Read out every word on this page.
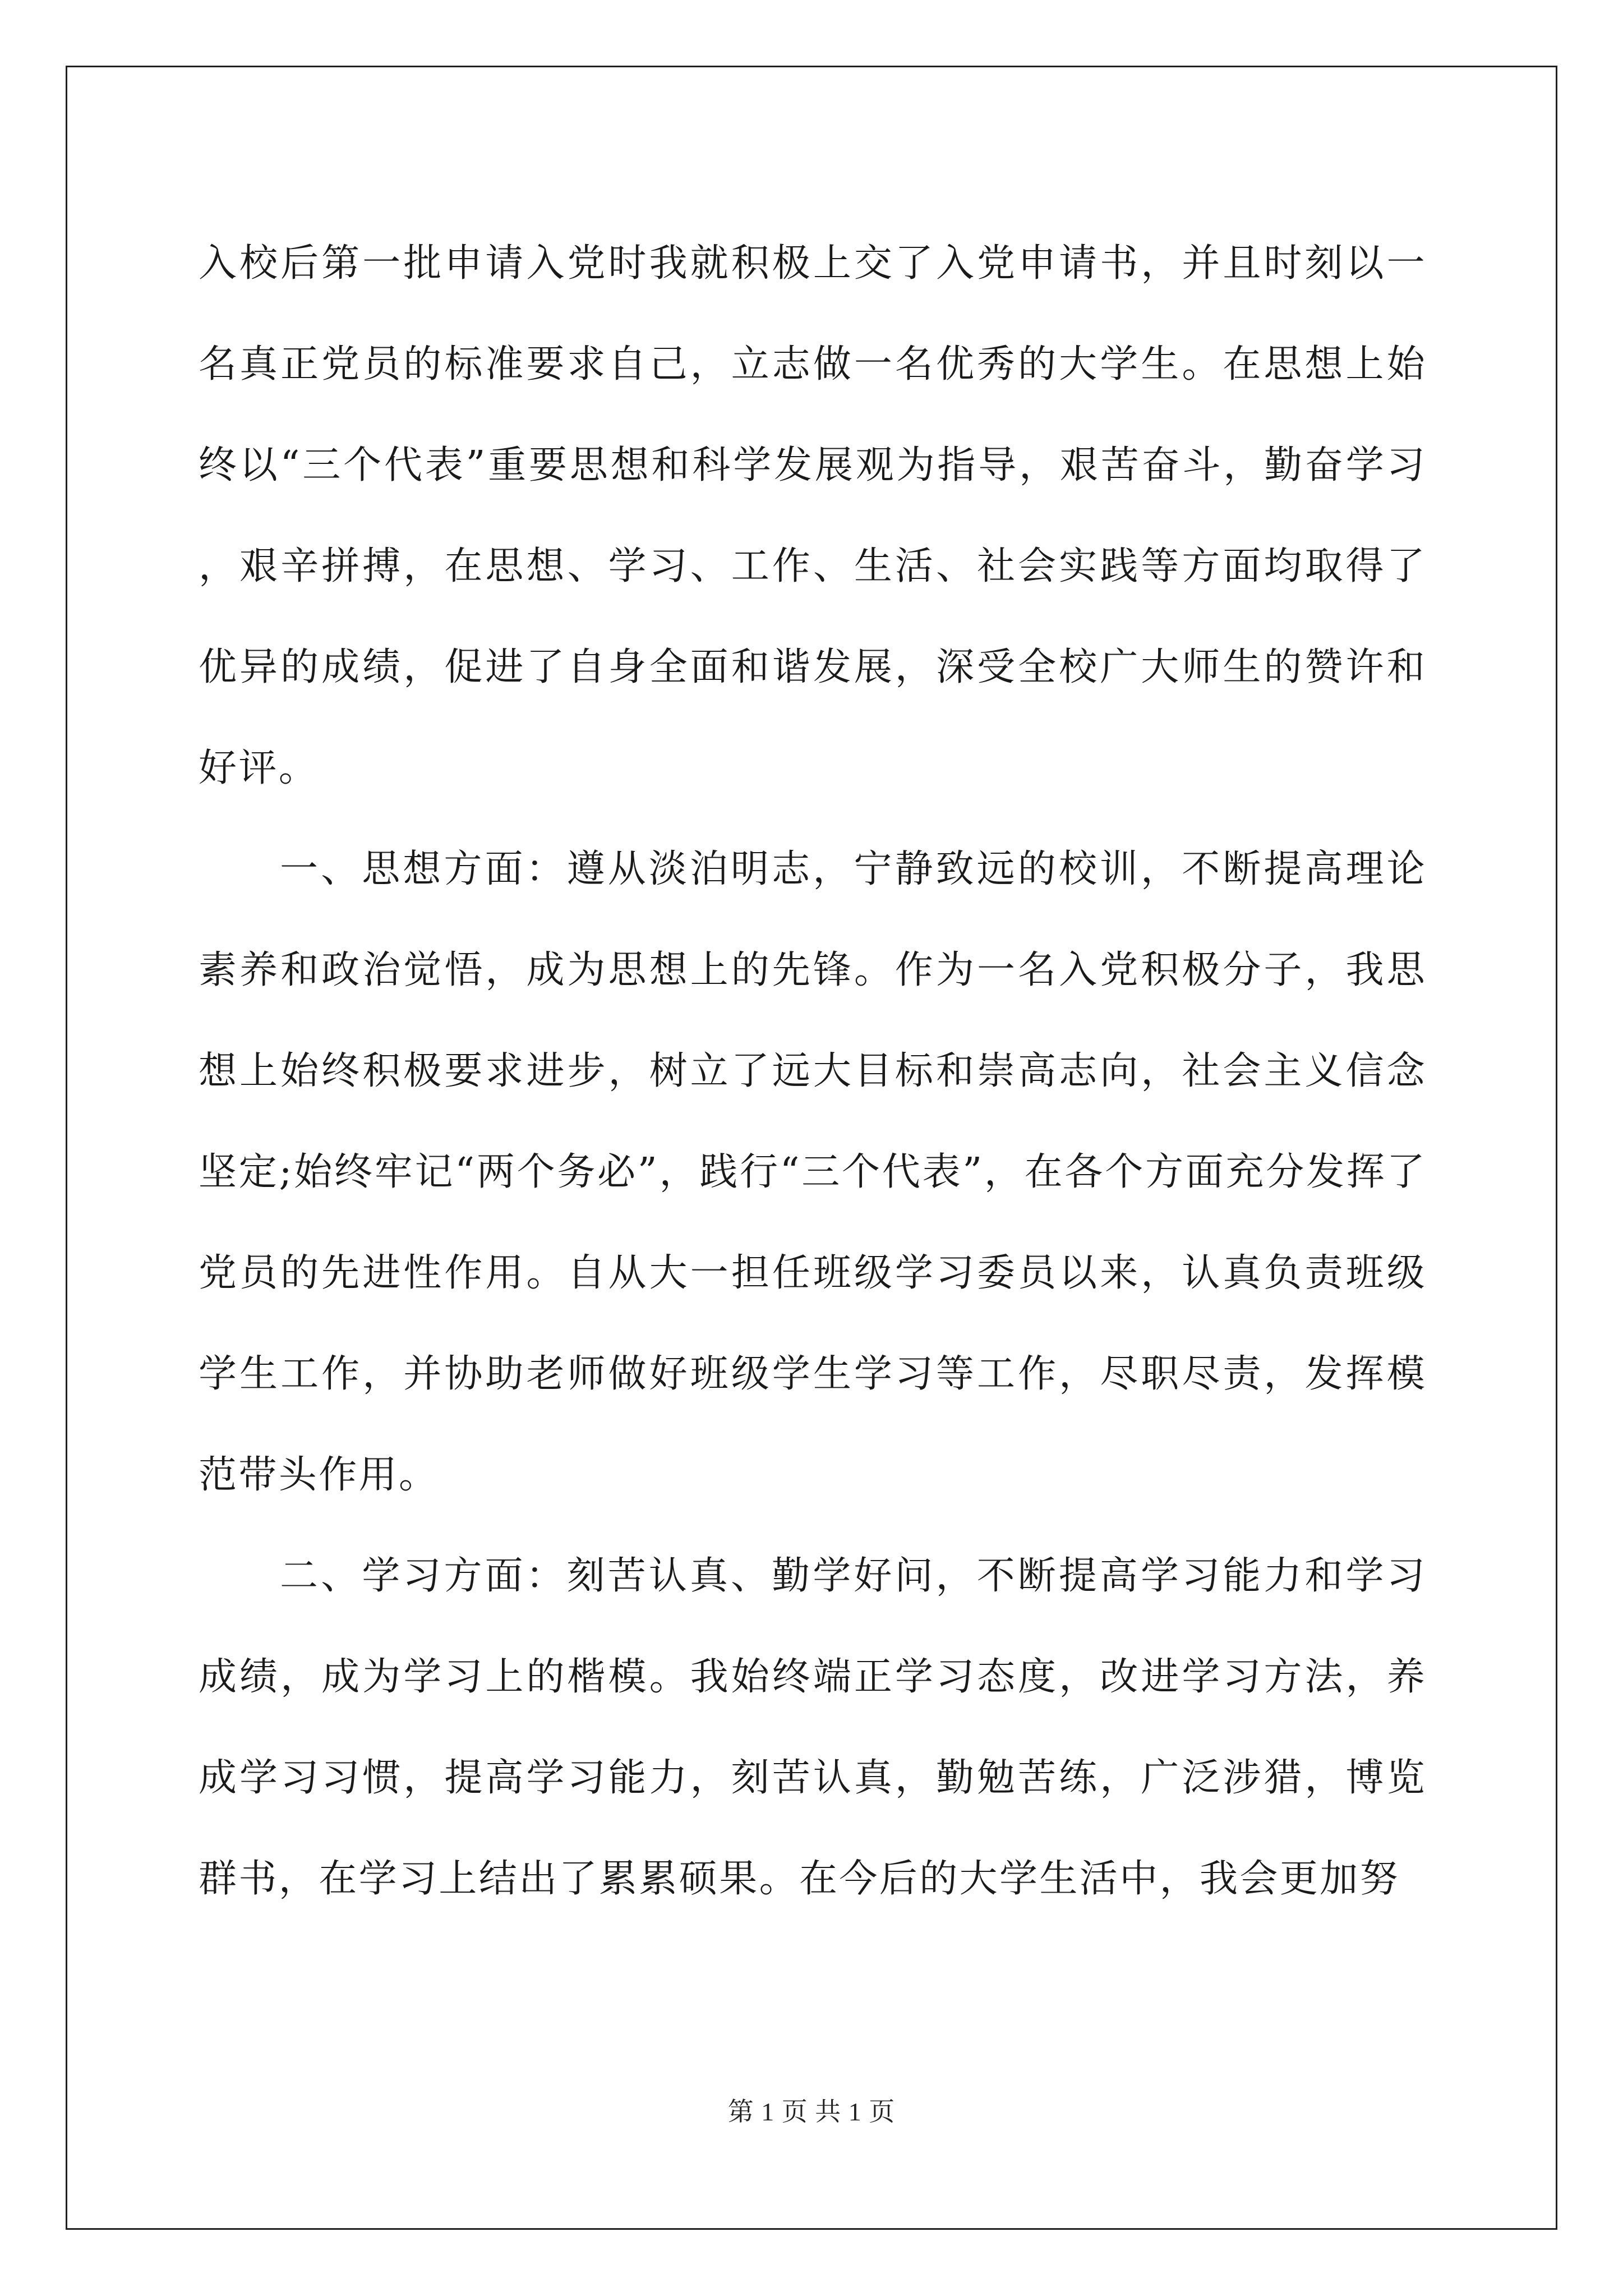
入校后第一批申请入党时我就积极上交了入党申请书，并且时刻以一名真正党员的标准要求自己，立志做一名优秀的大学生。在思想上始终以“三个代表”重要思想和科学发展观为指导，艰苦奋斗，勤奋学习，艰辛拼搏，在思想、学习、工作、生活、社会实践等方面均取得了优异的成绩，促进了自身全面和谐发展，深受全校广大师生的赞许和好评。

一、思想方面：遵从淡泊明志，宁静致远的校训，不断提高理论素养和政治觉悟，成为思想上的先锋。作为一名入党积极分子，我思想上始终积极要求进步，树立了远大目标和崇高志向，社会主义信念坚定;始终牢记“两个务必”，践行“三个代表”，在各个方面充分发挥了党员的先进性作用。自从大一担任班级学习委员以来，认真负责班级学生工作，并协助老师做好班级学生学习等工作，尽职尽责，发挥模范带头作用。

二、学习方面：刻苦认真、勤学好问，不断提高学习能力和学习成绩，成为学习上的楷模。我始终端正学习态度，改进学习方法，养成学习习惯，提高学习能力，刻苦认真，勤勉苦练，广泛涉猎，博览群书，在学习上结出了累累硕果。在今后的大学生活中，我会更加努

第 1 页 共 1 页
